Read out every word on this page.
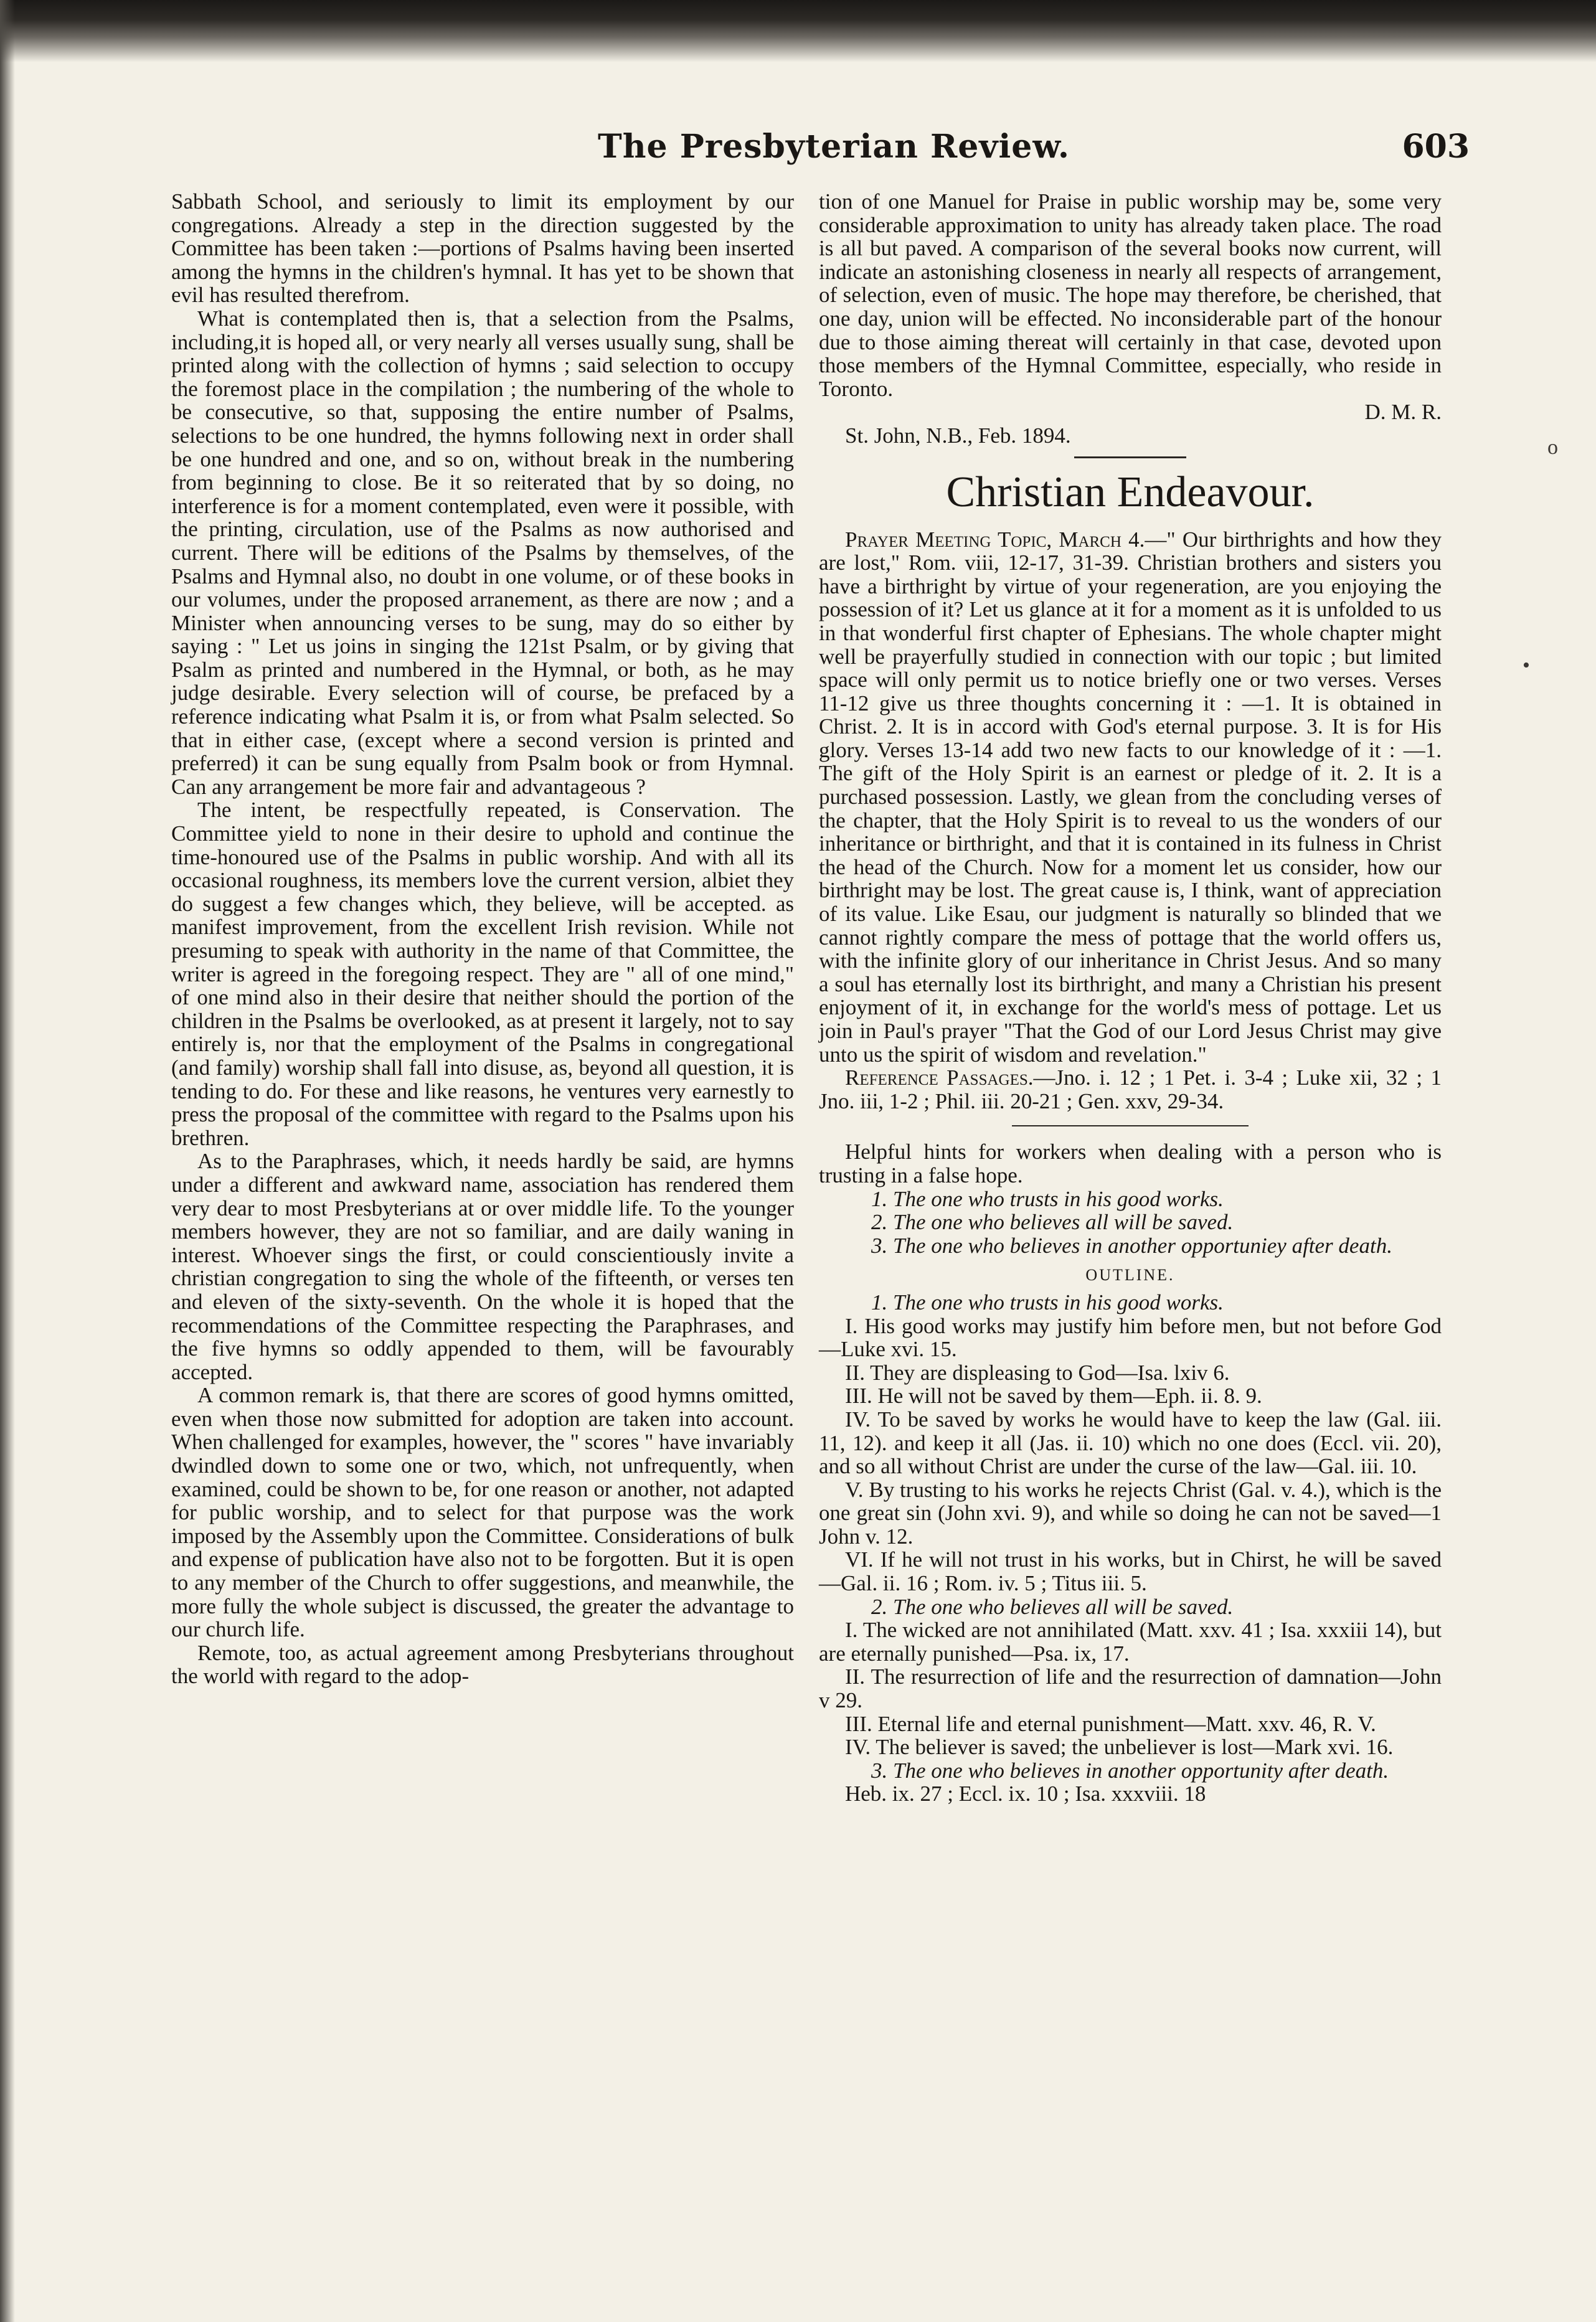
The Presbyterian Review.	603

Sabbath School, and seriously to limit its employment by our congregations. Already a step in the direction suggested by the Committee has been taken :—portions of Psalms having been inserted among the hymns in the children's hymnal. It has yet to be shown that evil has resulted therefrom.

What is contemplated then is, that a selection from the Psalms, including,it is hoped all, or very nearly all verses usually sung, shall be printed along with the collection of hymns ; said selection to occupy the foremost place in the compilation ; the numbering of the whole to be consecutive, so that, supposing the entire number of Psalms, selections to be one hundred, the hymns following next in order shall be one hundred and one, and so on, without break in the numbering from beginning to close. Be it so reiterated that by so doing, no interference is for a moment contemplated, even were it possible, with the printing, circulation, use of the Psalms as now authorised and current. There will be editions of the Psalms by themselves, of the Psalms and Hymnal also, no doubt in one volume, or of these books in our volumes, under the proposed arranement, as there are now ; and a Minister when announcing verses to be sung, may do so either by saying : " Let us joins in singing the 121st Psalm, or by giving that Psalm as printed and numbered in the Hymnal, or both, as he may judge desirable. Every selection will of course, be prefaced by a reference indicating what Psalm it is, or from what Psalm selected. So that in either case, (except where a second version is printed and preferred) it can be sung equally from Psalm book or from Hymnal. Can any arrangement be more fair and advantageous ?

The intent, be respectfully repeated, is Conservation. The Committee yield to none in their desire to uphold and continue the time-honoured use of the Psalms in public worship. And with all its occasional roughness, its members love the current version, albiet they do suggest a few changes which, they believe, will be accepted. as manifest improvement, from the excellent Irish revision. While not presuming to speak with authority in the name of that Committee, the writer is agreed in the foregoing respect. They are " all of one mind," of one mind also in their desire that neither should the portion of the children in the Psalms be overlooked, as at present it largely, not to say entirely is, nor that the employment of the Psalms in congregational (and family) worship shall fall into disuse, as, beyond all question, it is tending to do. For these and like reasons, he ventures very earnestly to press the proposal of the committee with regard to the Psalms upon his brethren.

As to the Paraphrases, which, it needs hardly be said, are hymns under a different and awkward name, association has rendered them very dear to most Presbyterians at or over middle life. To the younger members however, they are not so familiar, and are daily waning in interest. Whoever sings the first, or could conscientiously invite a christian congregation to sing the whole of the fifteenth, or verses ten and eleven of the sixty-seventh. On the whole it is hoped that the recommendations of the Committee respecting the Paraphrases, and the five hymns so oddly appended to them, will be favourably accepted.

A common remark is, that there are scores of good hymns omitted, even when those now submitted for adoption are taken into account. When challenged for examples, however, the " scores " have invariably dwindled down to some one or two, which, not unfrequently, when examined, could be shown to be, for one reason or another, not adapted for public worship, and to select for that purpose was the work imposed by the Assembly upon the Committee. Considerations of bulk and expense of publication have also not to be forgotten. But it is open to any member of the Church to offer suggestions, and meanwhile, the more fully the whole subject is discussed, the greater the advantage to our church life.

Remote, too, as actual agreement among Presbyterians throughout the world with regard to the adop-

tion of one Manuel for Praise in public worship may be, some very considerable approximation to unity has already taken place. The road is all but paved. A comparison of the several books now current, will indicate an astonishing closeness in nearly all respects of arrangement, of selection, even of music. The hope may therefore, be cherished, that one day, union will be effected. No inconsiderable part of the honour due to those aiming thereat will certainly in that case, devoted upon those members of the Hymnal Committee, especially, who reside in Toronto.

D. M. R.

St. John, N.B., Feb. 1894.

Christian Endeavour.

Prayer Meeting Topic, March 4.—" Our birthrights and how they are lost," Rom. viii, 12-17, 31-39. Christian brothers and sisters you have a birthright by virtue of your regeneration, are you enjoying the possession of it? Let us glance at it for a moment as it is unfolded to us in that wonderful first chapter of Ephesians. The whole chapter might well be prayerfully studied in connection with our topic ; but limited space will only permit us to notice briefly one or two verses. Verses 11-12 give us three thoughts concerning it : —1. It is obtained in Christ. 2. It is in accord with God's eternal purpose. 3. It is for His glory. Verses 13-14 add two new facts to our knowledge of it : —1. The gift of the Holy Spirit is an earnest or pledge of it. 2. It is a purchased possession. Lastly, we glean from the concluding verses of the chapter, that the Holy Spirit is to reveal to us the wonders of our inheritance or birthright, and that it is contained in its fulness in Christ the head of the Church. Now for a moment let us consider, how our birthright may be lost. The great cause is, I think, want of appreciation of its value. Like Esau, our judgment is naturally so blinded that we cannot rightly compare the mess of pottage that the world offers us, with the infinite glory of our inheritance in Christ Jesus. And so many a soul has eternally lost its birthright, and many a Christian his present enjoyment of it, in exchange for the world's mess of pottage. Let us join in Paul's prayer "That the God of our Lord Jesus Christ may give unto us the spirit of wisdom and revelation."

Reference Passages.—Jno. i. 12 ; 1 Pet. i. 3-4 ; Luke xii, 32 ; 1 Jno. iii, 1-2 ; Phil. iii. 20-21 ; Gen. xxv, 29-34.

Helpful hints for workers when dealing with a person who is trusting in a false hope.

1. The one who trusts in his good works.

2. The one who believes all will be saved.

3. The one who believes in another opportuniey after death.

OUTLINE.

1. The one who trusts in his good works.

I. His good works may justify him before men, but not before God—Luke xvi. 15.

II. They are displeasing to God—Isa. lxiv 6.

III. He will not be saved by them—Eph. ii. 8. 9.

IV. To be saved by works he would have to keep the law (Gal. iii. 11, 12). and keep it all (Jas. ii. 10) which no one does (Eccl. vii. 20), and so all without Christ are under the curse of the law—Gal. iii. 10.

V. By trusting to his works he rejects Christ (Gal. v. 4.), which is the one great sin (John xvi. 9), and while so doing he can not be saved—1 John v. 12.

VI. If he will not trust in his works, but in Chirst, he will be saved—Gal. ii. 16 ; Rom. iv. 5 ; Titus iii. 5.

2. The one who believes all will be saved.

I. The wicked are not annihilated (Matt. xxv. 41 ; Isa. xxxiii 14), but are eternally punished—Psa. ix, 17.

II. The resurrection of life and the resurrection of damnation—John v 29.

III. Eternal life and eternal punishment—Matt. xxv. 46, R. V.

IV. The believer is saved; the unbeliever is lost—Mark xvi. 16.

3. The one who believes in another opportunity after death.

Heb. ix. 27 ; Eccl. ix. 10 ; Isa. xxxviii. 18

o
•
